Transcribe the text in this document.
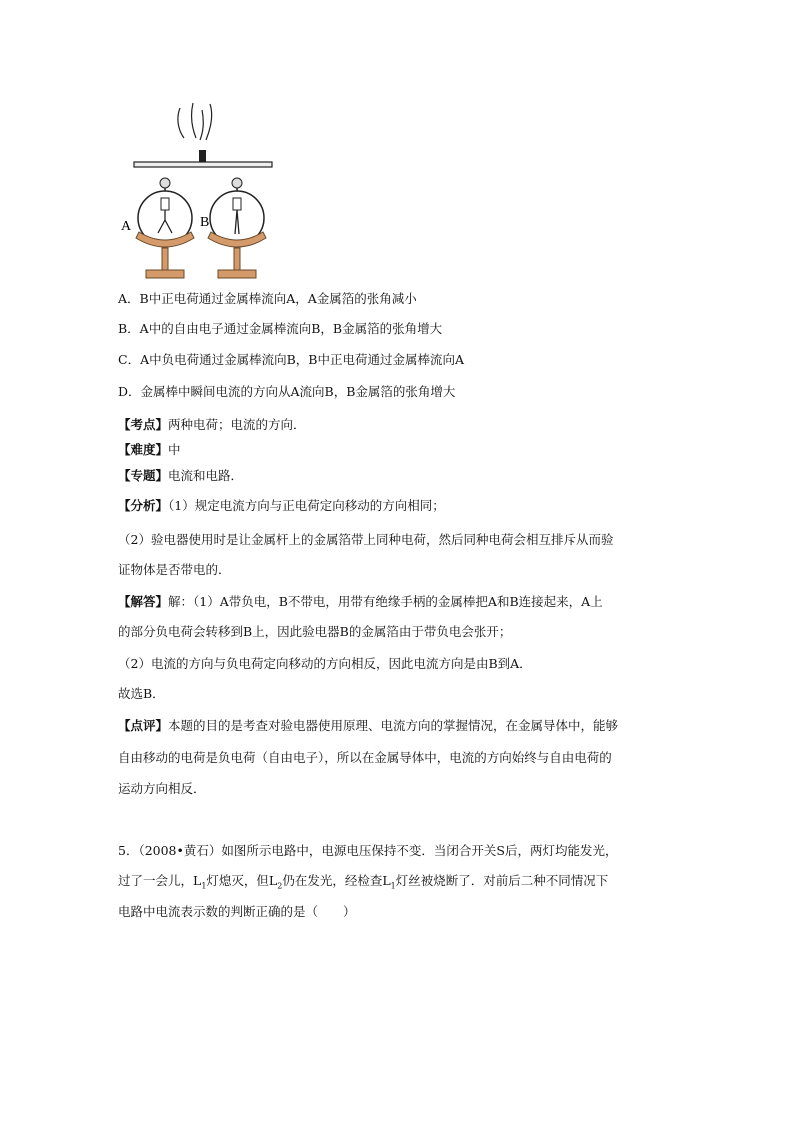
A	B
A．B中正电荷通过金属棒流向A，A金属箔的张角减小
B．A中的自由电子通过金属棒流向B，B金属箔的张角增大
C．A中负电荷通过金属棒流向B，B中正电荷通过金属棒流向A
D．金属棒中瞬间电流的方向从A流向B，B金属箔的张角增大
【考点】两种电荷；电流的方向．
【难度】中
【专题】电流和电路．
【分析】（1）规定电流方向与正电荷定向移动的方向相同；
（2）验电器使用时是让金属杆上的金属箔带上同种电荷，然后同种电荷会相互排斥从而验
证物体是否带电的．
【解答】解：（1）A带负电，B不带电，用带有绝缘手柄的金属棒把A和B连接起来，A上
的部分负电荷会转移到B上，因此验电器B的金属箔由于带负电会张开；
（2）电流的方向与负电荷定向移动的方向相反，因此电流方向是由B到A．
故选B．
【点评】本题的目的是考查对验电器使用原理、电流方向的掌握情况，在金属导体中，能够
自由移动的电荷是负电荷（自由电子），所以在金属导体中，电流的方向始终与自由电荷的
运动方向相反．
5．（2008•黄石）如图所示电路中，电源电压保持不变．当闭合开关S后，两灯均能发光，
过了一会儿，$L_1$灯熄灭，但$L_2$仍在发光，经检查$L_1$灯丝被烧断了．对前后二种不同情况下
电路中电流表示数的判断正确的是（　　）
